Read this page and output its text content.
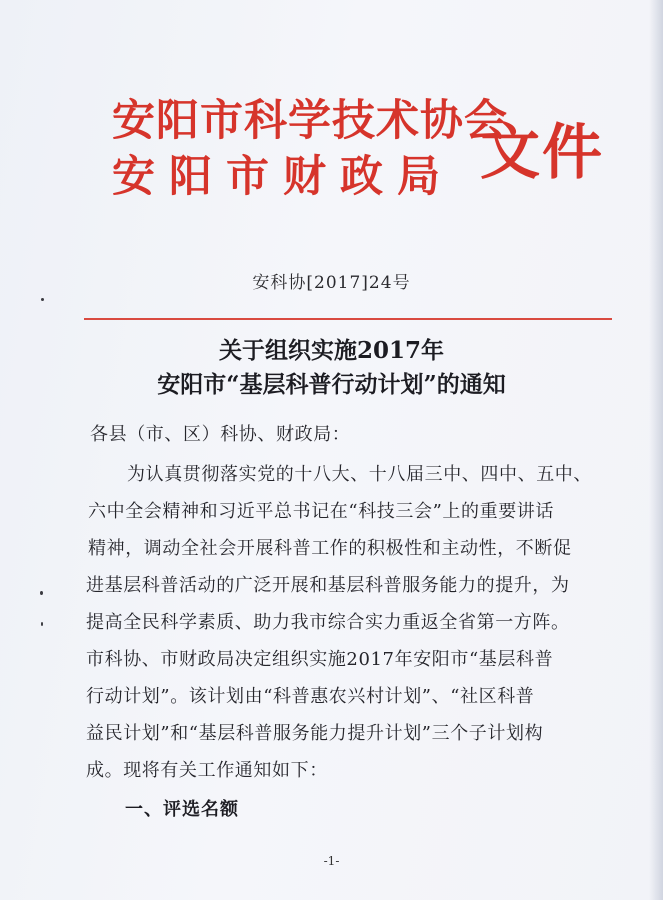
安阳市科学技术协会
安阳市财政局 文件
安科协[2017]24号
关于组织实施2017年
安阳市“基层科普行动计划”的通知
各县（市、区）科协、财政局：
为认真贯彻落实党的十八大、十八届三中、四中、五中、
六中全会精神和习近平总书记在“科技三会”上的重要讲话
精神，调动全社会开展科普工作的积极性和主动性，不断促
进基层科普活动的广泛开展和基层科普服务能力的提升，为
提高全民科学素质、助力我市综合实力重返全省第一方阵。
市科协、市财政局决定组织实施2017年安阳市“基层科普
行动计划”。该计划由“科普惠农兴村计划”、“社区科普
益民计划”和“基层科普服务能力提升计划”三个子计划构
成。现将有关工作通知如下：
一、评选名额
-1-
